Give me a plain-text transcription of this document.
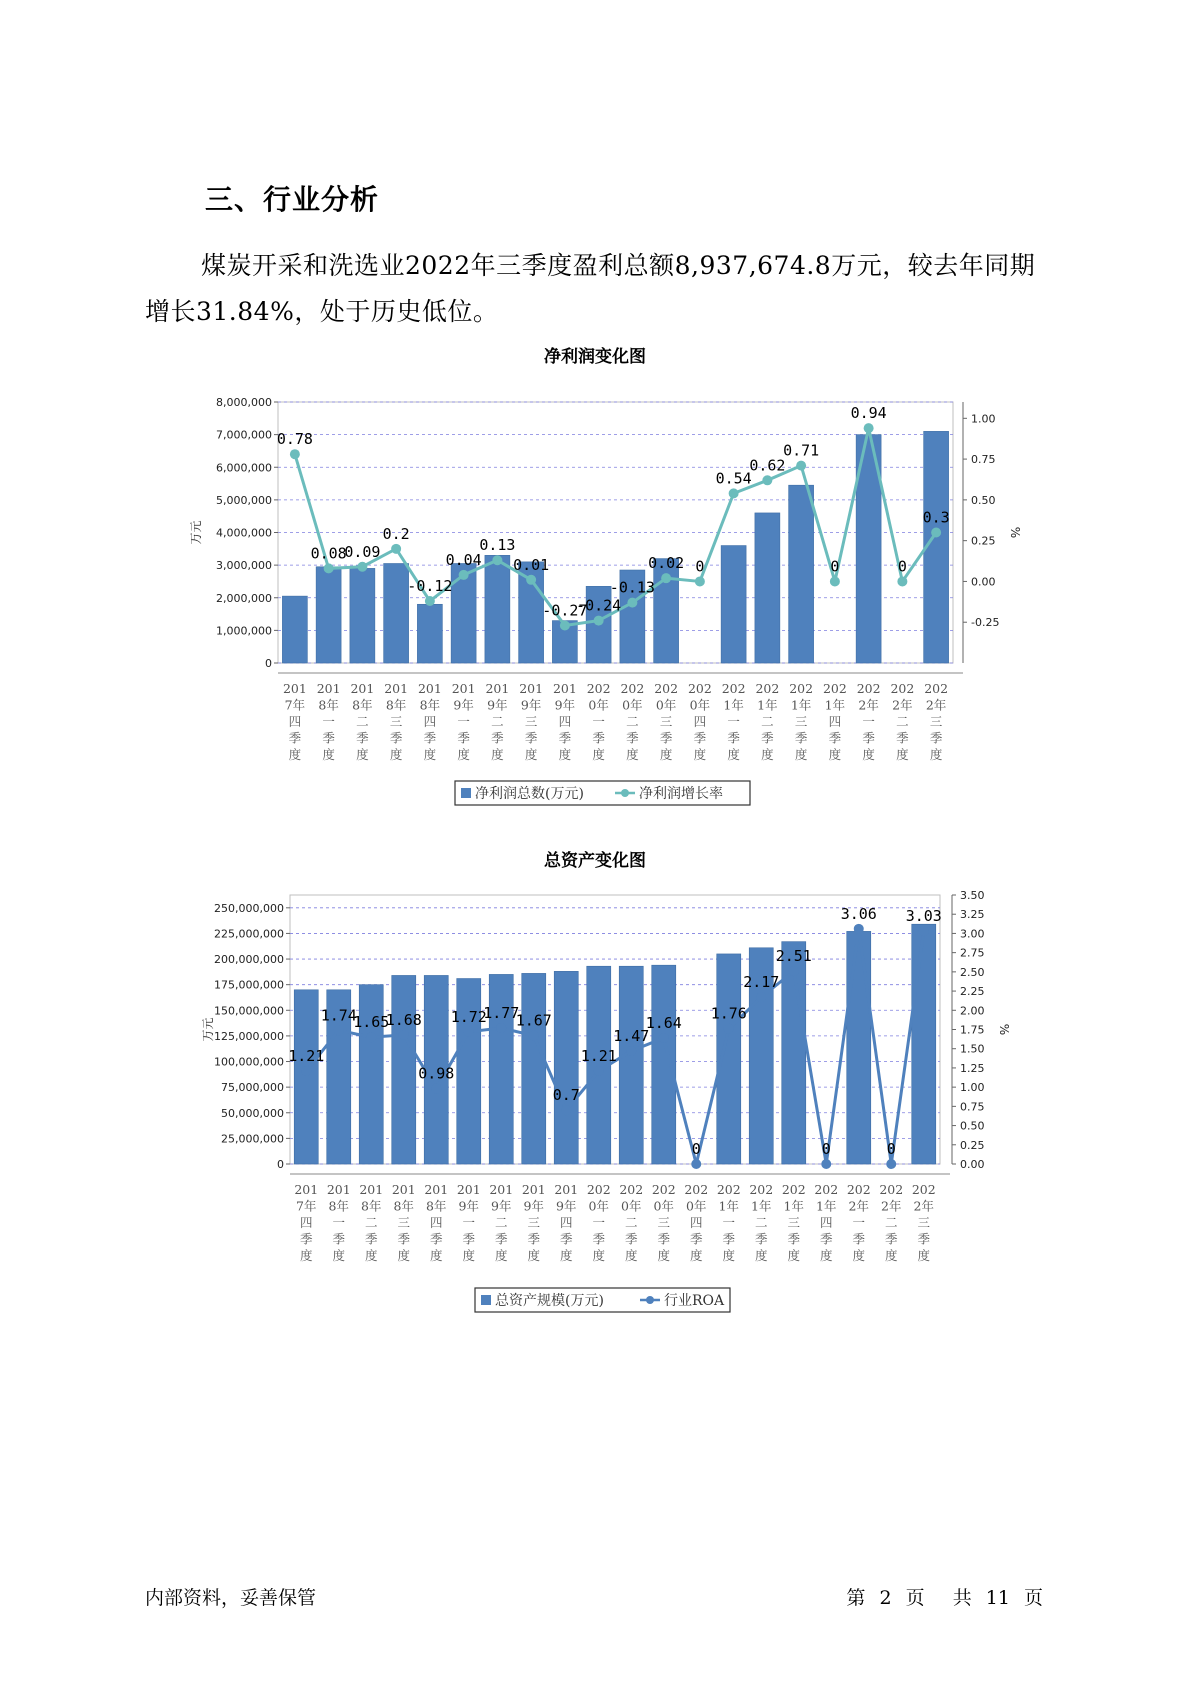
三、行业分析
煤炭开采和洗选业2022年三季度盈利总额8,937,674.8万元，较去年同期增长31.84%，处于历史低位。
净利润变化图
8,000,000
7,000,000
6,000,000
5,000,000
4,000,000
3,000,000
2,000,000
1,000,000
0
1.00
0.75
0.50
0.25
0.00
-0.25
万元	%
0.78
0.08
0.09
0.2
-0.12
0.04
0.13
0.01
-0.27
-0.24
-0.13
0.02 0
0.54
0.62
0.71
0
0.94
0
0.3
201 7年四季度
201 8年一季度
201 8年二季度
201 8年三季度
201 8年四季度
201 9年一季度
201 9年二季度
201 9年三季度
201 9年四季度
202 0年一季度
202 0年二季度
202 0年三季度
202 0年四季度
202 1年一季度
202 1年二季度
202 1年三季度
202 1年四季度
202 2年一季度
202 2年二季度
202 2年三季度
净利润总数(万元)	净利润增长率
总资产变化图
250,000,000
225,000,000
200,000,000
175,000,000
150,000,000
125,000,000
100,000,000
75,000,000
50,000,000
25,000,000
0
3.50
3.25
3.00
2.75
2.50
2.25
2.00
1.75
1.50
1.25
1.00
0.75
0.50
0.25
0.00
万元	%
1.21
1.74
1.65
1.68
0.98
1.72
1.77
1.67
0.7
1.21
1.47
1.64
0
1.76
2.17
2.51
0
3.06
0
3.03
201 7年四季度
201 8年一季度
201 8年二季度
201 8年三季度
201 8年四季度
201 9年一季度
201 9年二季度
201 9年三季度
201 9年四季度
202 0年一季度
202 0年二季度
202 0年三季度
202 0年四季度
202 1年一季度
202 1年二季度
202 1年三季度
202 1年四季度
202 2年一季度
202 2年二季度
202 2年三季度
总资产规模(万元)	行业ROA
内部资料，妥善保管	第 2 页 共 11 页
